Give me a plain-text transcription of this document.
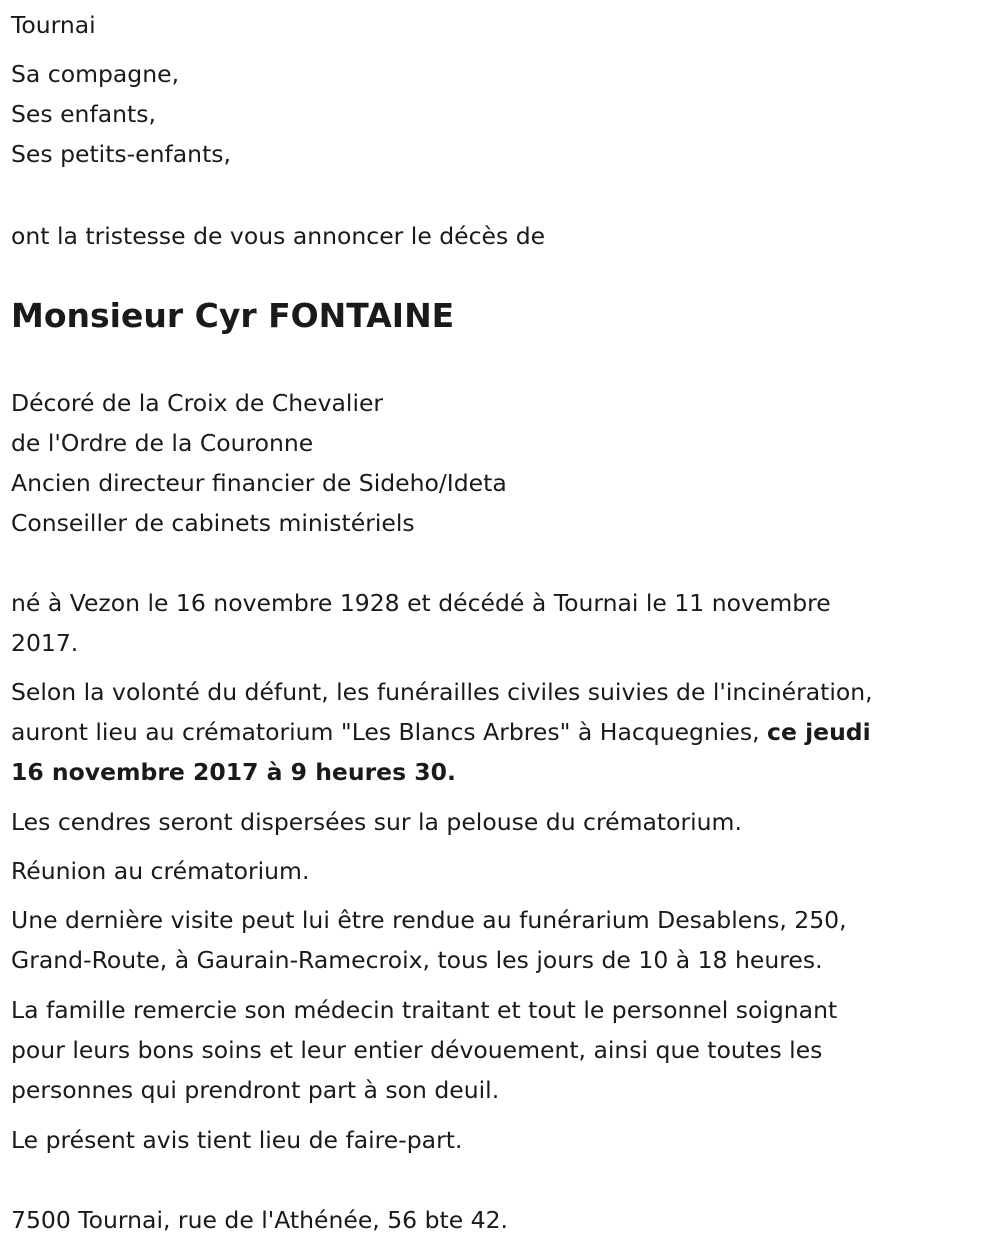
Tournai
Sa compagne,
Ses enfants,
Ses petits-enfants,
ont la tristesse de vous annoncer le décès de
Monsieur Cyr FONTAINE
Décoré de la Croix de Chevalier
de l'Ordre de la Couronne
Ancien directeur financier de Sideho/Ideta
Conseiller de cabinets ministériels
né à Vezon le 16 novembre 1928 et décédé à Tournai le 11 novembre
2017.
Selon la volonté du défunt, les funérailles civiles suivies de l'incinération,
auront lieu au crématorium "Les Blancs Arbres" à Hacquegnies, ce jeudi
16 novembre 2017 à 9 heures 30.
Les cendres seront dispersées sur la pelouse du crématorium.
Réunion au crématorium.
Une dernière visite peut lui être rendue au funérarium Desablens, 250,
Grand-Route, à Gaurain-Ramecroix, tous les jours de 10 à 18 heures.
La famille remercie son médecin traitant et tout le personnel soignant
pour leurs bons soins et leur entier dévouement, ainsi que toutes les
personnes qui prendront part à son deuil.
Le présent avis tient lieu de faire-part.
7500 Tournai, rue de l'Athénée, 56 bte 42.
